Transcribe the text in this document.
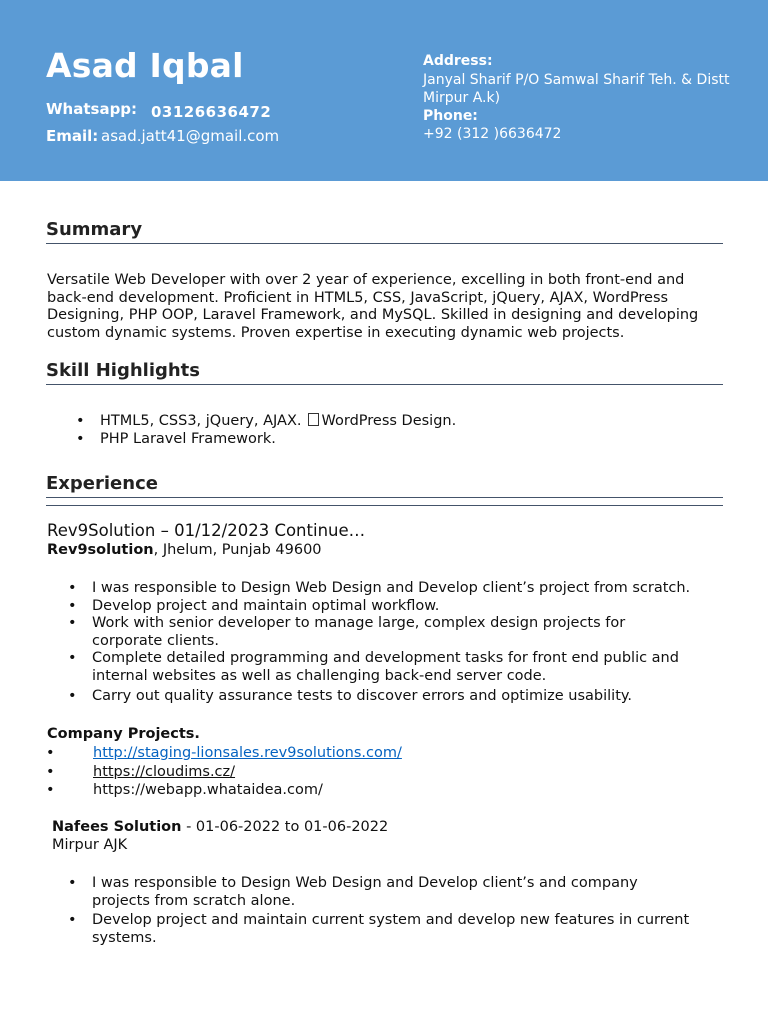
Asad Iqbal
Whatsapp: 03126636472
Email: asad.jatt41@gmail.com
Address:
Janyal Sharif P/O Samwal Sharif Teh. & Distt Mirpur A.k)
Phone:
+92 (312 )6636472
Summary

Versatile Web Developer with over 2 year of experience, excelling in both front-end and back-end development. Proficient in HTML5, CSS, JavaScript, jQuery, AJAX, WordPress Designing, PHP OOP, Laravel Framework, and MySQL. Skilled in designing and developing custom dynamic systems. Proven expertise in executing dynamic web projects.

Skill Highlights
• HTML5, CSS3, jQuery, AJAX. WordPress Design.
• PHP Laravel Framework.
Experience
Rev9Solution – 01/12/2023 Continue…
Rev9solution, Jhelum, Punjab 49600
• I was responsible to Design Web Design and Develop client’s project from scratch.
• Develop project and maintain optimal workflow.
• Work with senior developer to manage large, complex design projects for corporate clients.
• Complete detailed programming and development tasks for front end public and internal websites as well as challenging back-end server code.
• Carry out quality assurance tests to discover errors and optimize usability.
Company Projects.
• http://staging-lionsales.rev9solutions.com/
• https://cloudims.cz/
• https://webapp.whataidea.com/
Nafees Solution - 01-06-2022 to 01-06-2022
Mirpur AJK
• I was responsible to Design Web Design and Develop client’s and company projects from scratch alone.
• Develop project and maintain current system and develop new features in current systems.
